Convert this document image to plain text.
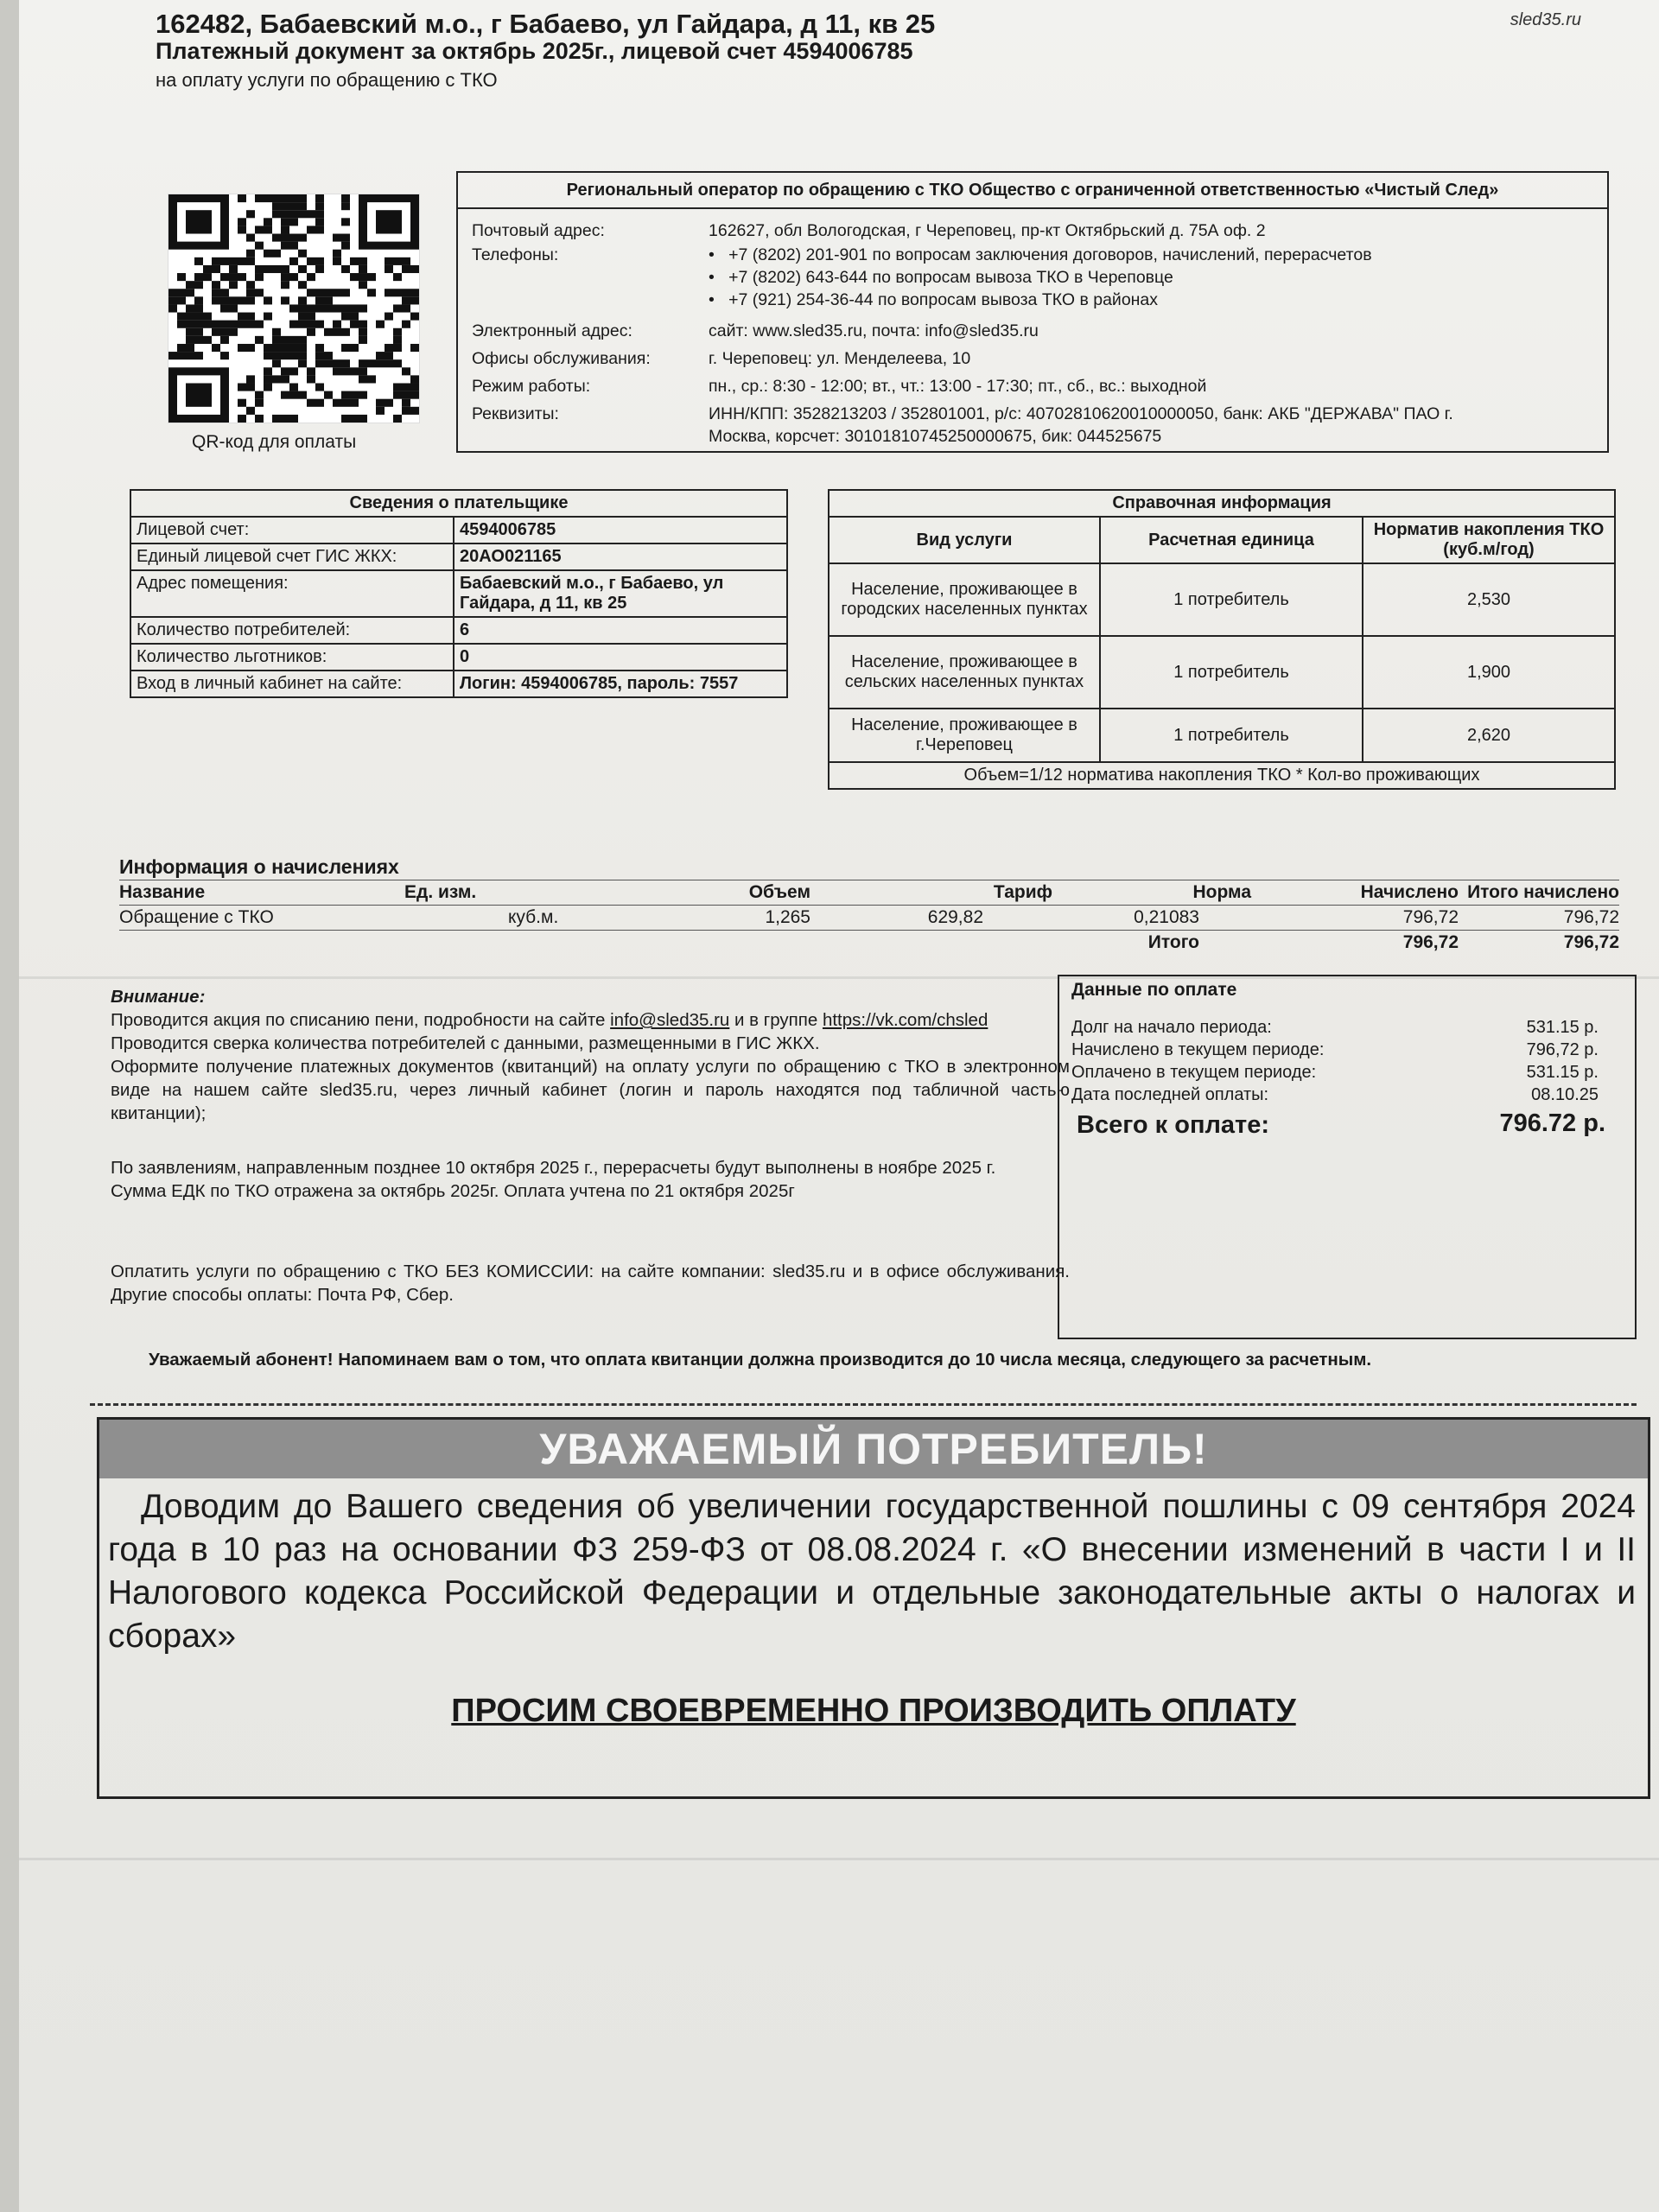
162482, Бабаевский м.о., г Бабаево, ул Гайдара, д 11, кв 25
Платежный документ за октябрь 2025г., лицевой счет 4594006785
на оплату услуги по обращению с ТКО
sled35.ru
QR-код для оплаты
Региональный оператор по обращению с ТКО Общество с ограниченной ответственностью «Чистый След»
Почтовый адрес:	162627, обл Вологодская, г Череповец, пр-кт Октябрьский д. 75А оф. 2
Телефоны:	•   +7 (8202) 201-901 по вопросам заключения договоров, начислений, перерасчетов
•   +7 (8202) 643-644 по вопросам вывоза ТКО в Череповце
•   +7 (921) 254-36-44 по вопросам вывоза ТКО в районах
Электронный адрес:	сайт: www.sled35.ru, почта: info@sled35.ru
Офисы обслуживания:	г. Череповец: ул. Менделеева, 10
Режим работы:	пн., ср.: 8:30 - 12:00; вт., чт.: 13:00 - 17:30; пт., сб., вс.: выходной
Реквизиты:	ИНН/КПП: 3528213203 / 352801001, р/с: 40702810620010000050, банк: АКБ "ДЕРЖАВА" ПАО г.
Москва, корсчет: 30101810745250000675, бик: 044525675
Сведения о плательщике	
Лицевой счет:	4594006785
Единый лицевой счет ГИС ЖКХ:	20АО021165
Адрес помещения:	Бабаевский м.о., г Бабаево, ул Гайдара, д 11, кв 25
Количество потребителей:	6
Количество льготников:	0
Вход в личный кабинет на сайте:	Логин: 4594006785, пароль: 7557
Справочная информация		
Вид услуги	Расчетная единица	Норматив накопления ТКО (куб.м/год)
Население, проживающее в городских населенных пунктах	1 потребитель	2,530
Население, проживающее в сельских населенных пунктах	1 потребитель	1,900
Население, проживающее в г.Череповец	1 потребитель	2,620
Объем=1/12 норматива накопления ТКО * Кол-во проживающих		
Информация о начислениях
Название	Ед. изм.	Объем	Тариф	Норма	Начислено	Итого начислено
Обращение с ТКО	куб.м.	1,265	629,82	0,21083	796,72	796,72
				Итого	796,72	796,72

Внимание:

Проводится акция по списанию пени, подробности на сайте info@sled35.ru и в группе https://vk.com/chsled

Проводится сверка количества потребителей с данными, размещенными в ГИС ЖКХ.

Оформите получение платежных документов (квитанций) на оплату услуги по обращению с ТКО в электронном виде на нашем сайте sled35.ru, через личный кабинет (логин и пароль находятся под табличной частью квитанции);

По заявлениям, направленным позднее 10 октября 2025 г., перерасчеты будут выполнены в ноябре 2025 г.

Сумма ЕДК по ТКО отражена за октябрь 2025г. Оплата учтена по 21 октября 2025г

Оплатить услуги по обращению с ТКО БЕЗ КОМИССИИ: на сайте компании: sled35.ru и в офисе обслуживания. Другие способы оплаты: Почта РФ, Сбер.

Данные по оплате
Долг на начало периода:	531.15 р.
Начислено в текущем периоде:	796,72 р.
Оплачено в текущем периоде:	531.15 р.
Дата последней оплаты:	08.10.25
Всего к оплате:	796.72 р.
Уважаемый абонент! Напоминаем вам о том, что оплата квитанции должна производится до 10 числа месяца, следующего за расчетным.
УВАЖАЕМЫЙ ПОТРЕБИТЕЛЬ!
Доводим до Вашего сведения об увеличении государственной пошлины с 09 сентября 2024 года в 10 раз на основании ФЗ 259-ФЗ от 08.08.2024 г. «О внесении изменений в части I и II Налогового кодекса Российской Федерации и отдельные законодательные акты о налогах и сборах»
ПРОСИМ СВОЕВРЕМЕННО ПРОИЗВОДИТЬ ОПЛАТУ
